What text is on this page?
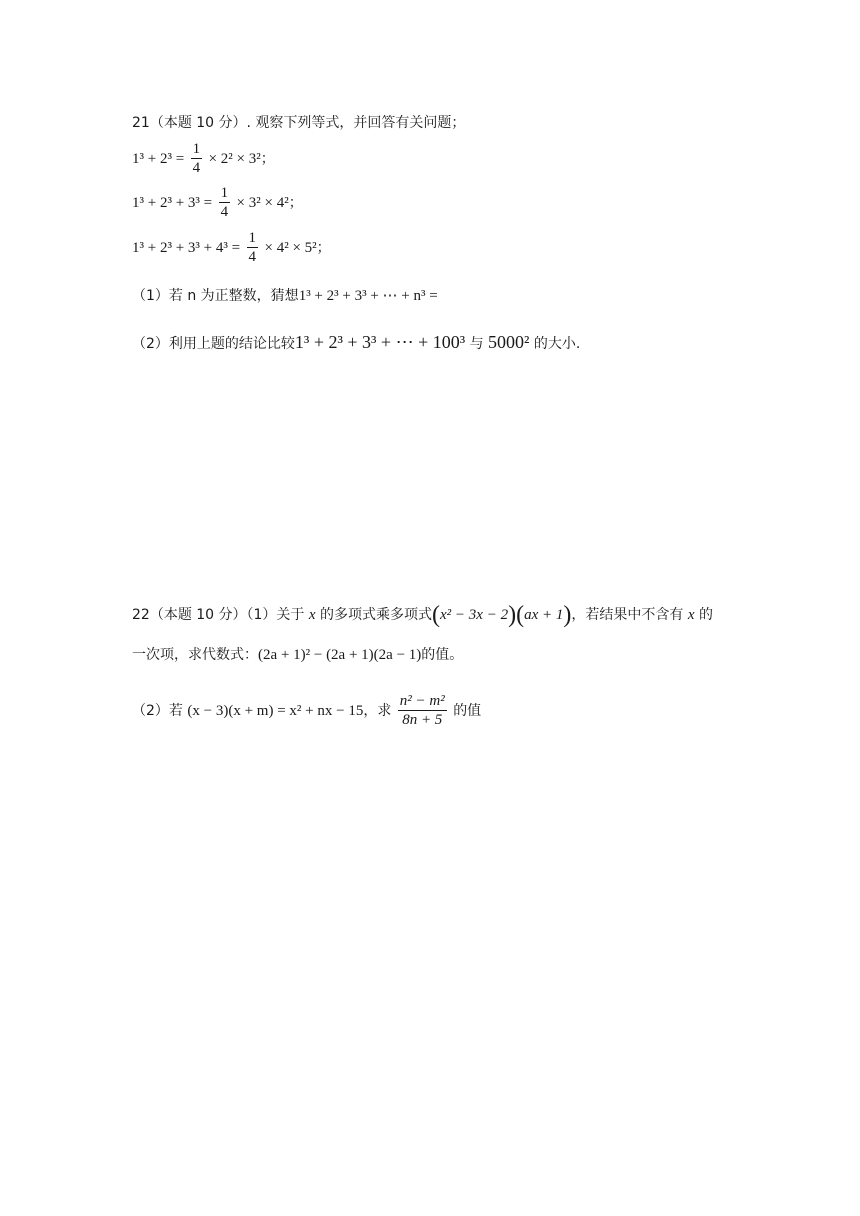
21（本题 10 分）. 观察下列等式，并回答有关问题；
$1^3 + 2^3 = \frac{1}{4} \times 2^2 \times 3^2$；
$1^3 + 2^3 + 3^3 = \frac{1}{4} \times 3^2 \times 4^2$；
$1^3 + 2^3 + 3^3 + 4^3 = \frac{1}{4} \times 4^2 \times 5^2$；
（1）若 n 为正整数，猜想1³ + 2³ + 3³ + ⋯ + n³ =
（2）利用上题的结论比较1³ + 2³ + 3³ + ⋯ + 100³ 与 5000² 的大小.
22（本题 10 分）（1）关于 x 的多项式乘多项式(x² − 3x − 2)(ax + 1)，若结果中不含有 x 的
一次项，求代数式：(2a + 1)² − (2a + 1)(2a − 1)的值。
（2）若 (x − 3)(x + m) = x² + nx − 15，求 $\frac{\text{n² − m²}}{8n + 5}$ 的值
